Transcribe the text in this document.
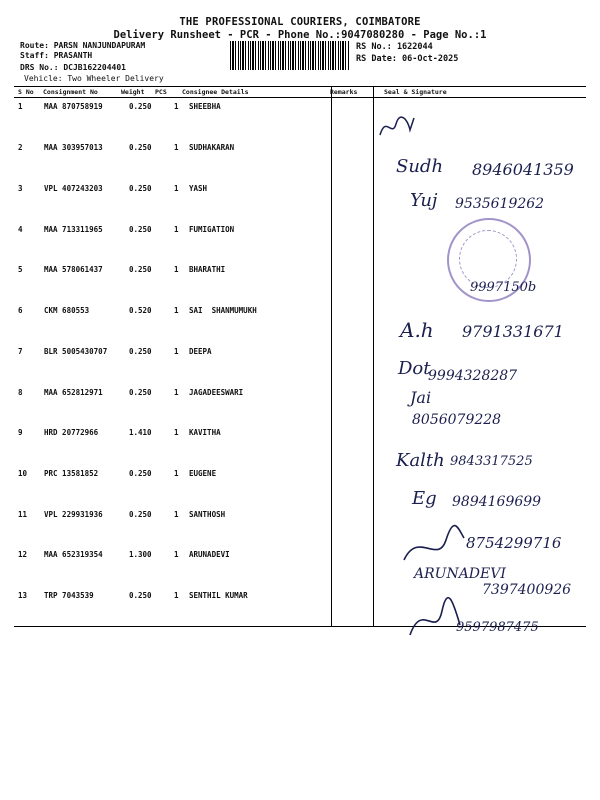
THE PROFESSIONAL COURIERS, COIMBATORE
Delivery Runsheet - PCR - Phone No.:9047080280 - Page No.:1
Route: PARSN NANJUNDAPURAM
Staff: PRASANTH
DRS No.: DCJB162204401
Vehicle: Two Wheeler Delivery
RS No.: 1622044
RS Date: 06-Oct-2025
S No Consignment No	Weight PCS Consignee Details	Remarks	Seal & Signature
1	MAA 870758919	0.250	1 SHEEBHA
2	MAA 303957013	0.250	1 SUDHAKARAN
3	VPL 407243203	0.250	1 YASH
4	MAA 713311965	0.250	1 FUMIGATION
5	MAA 578061437	0.250	1 BHARATHI
6	CKM 680553	0.520	1 SAI  SHANMUMUKH
7	BLR 5005430707	0.250	1 DEEPA
8	MAA 652812971	0.250	1 JAGADEESWARI
9	HRD 20772966	1.410	1 KAVITHA
10 PRC 13581852	0.250	1 EUGENE
11 VPL 229931936	0.250	1 SANTHOSH
12 MAA 652319354	1.300	1 ARUNADEVI
13 TRP 7043539	0.250	1 SENTHIL KUMAR
Sudh 8946041359
Yuj 9535619262
9997150b
A.h 9791331671
Dot
9994328287
Jai
8056079228
Kalth 9843317525
Eg 9894169699
8754299716
ARUNADEVI
7397400926
9597987475
